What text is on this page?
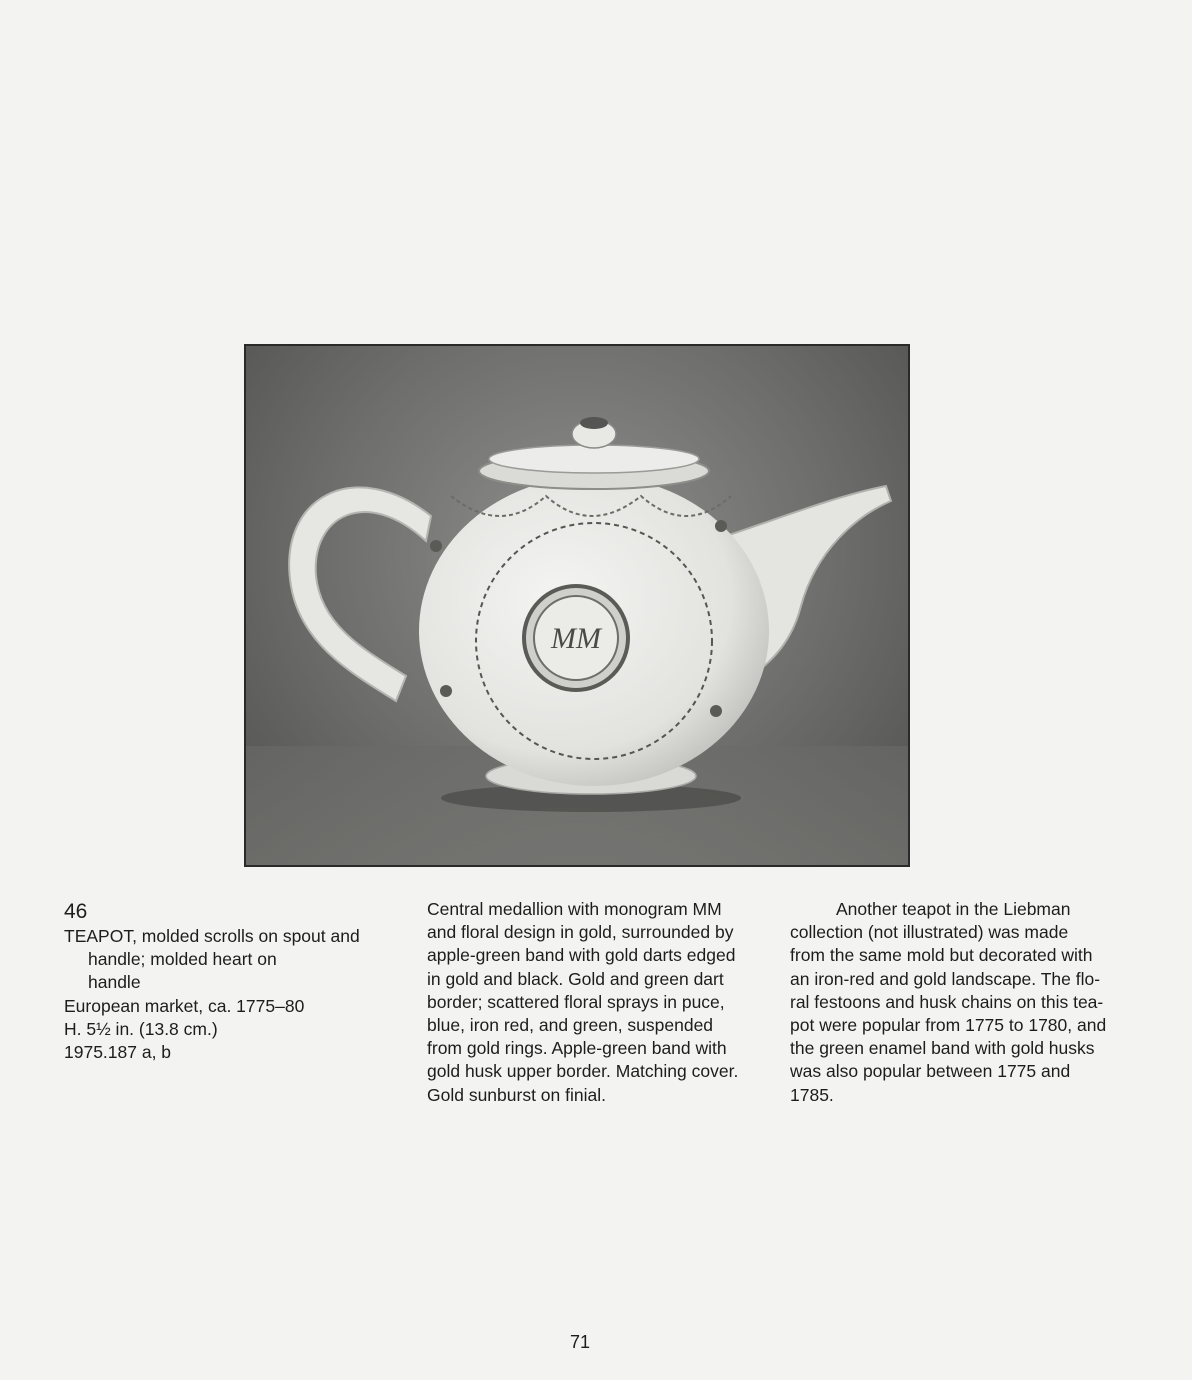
MM
46
TEAPOT, molded scrolls on spout and
handle; molded heart on
handle
European market, ca. 1775–80
H. 5½ in. (13.8 cm.)
1975.187 a, b
Central medallion with monogram MM
and floral design in gold, surrounded by
apple-green band with gold darts edged
in gold and black. Gold and green dart
border; scattered floral sprays in puce,
blue, iron red, and green, suspended
from gold rings. Apple-green band with
gold husk upper border. Matching cover.
Gold sunburst on finial.
Another teapot in the Liebman
collection (not illustrated) was made
from the same mold but decorated with
an iron-red and gold landscape. The flo-
ral festoons and husk chains on this tea-
pot were popular from 1775 to 1780, and
the green enamel band with gold husks
was also popular between 1775 and
1785.
71
